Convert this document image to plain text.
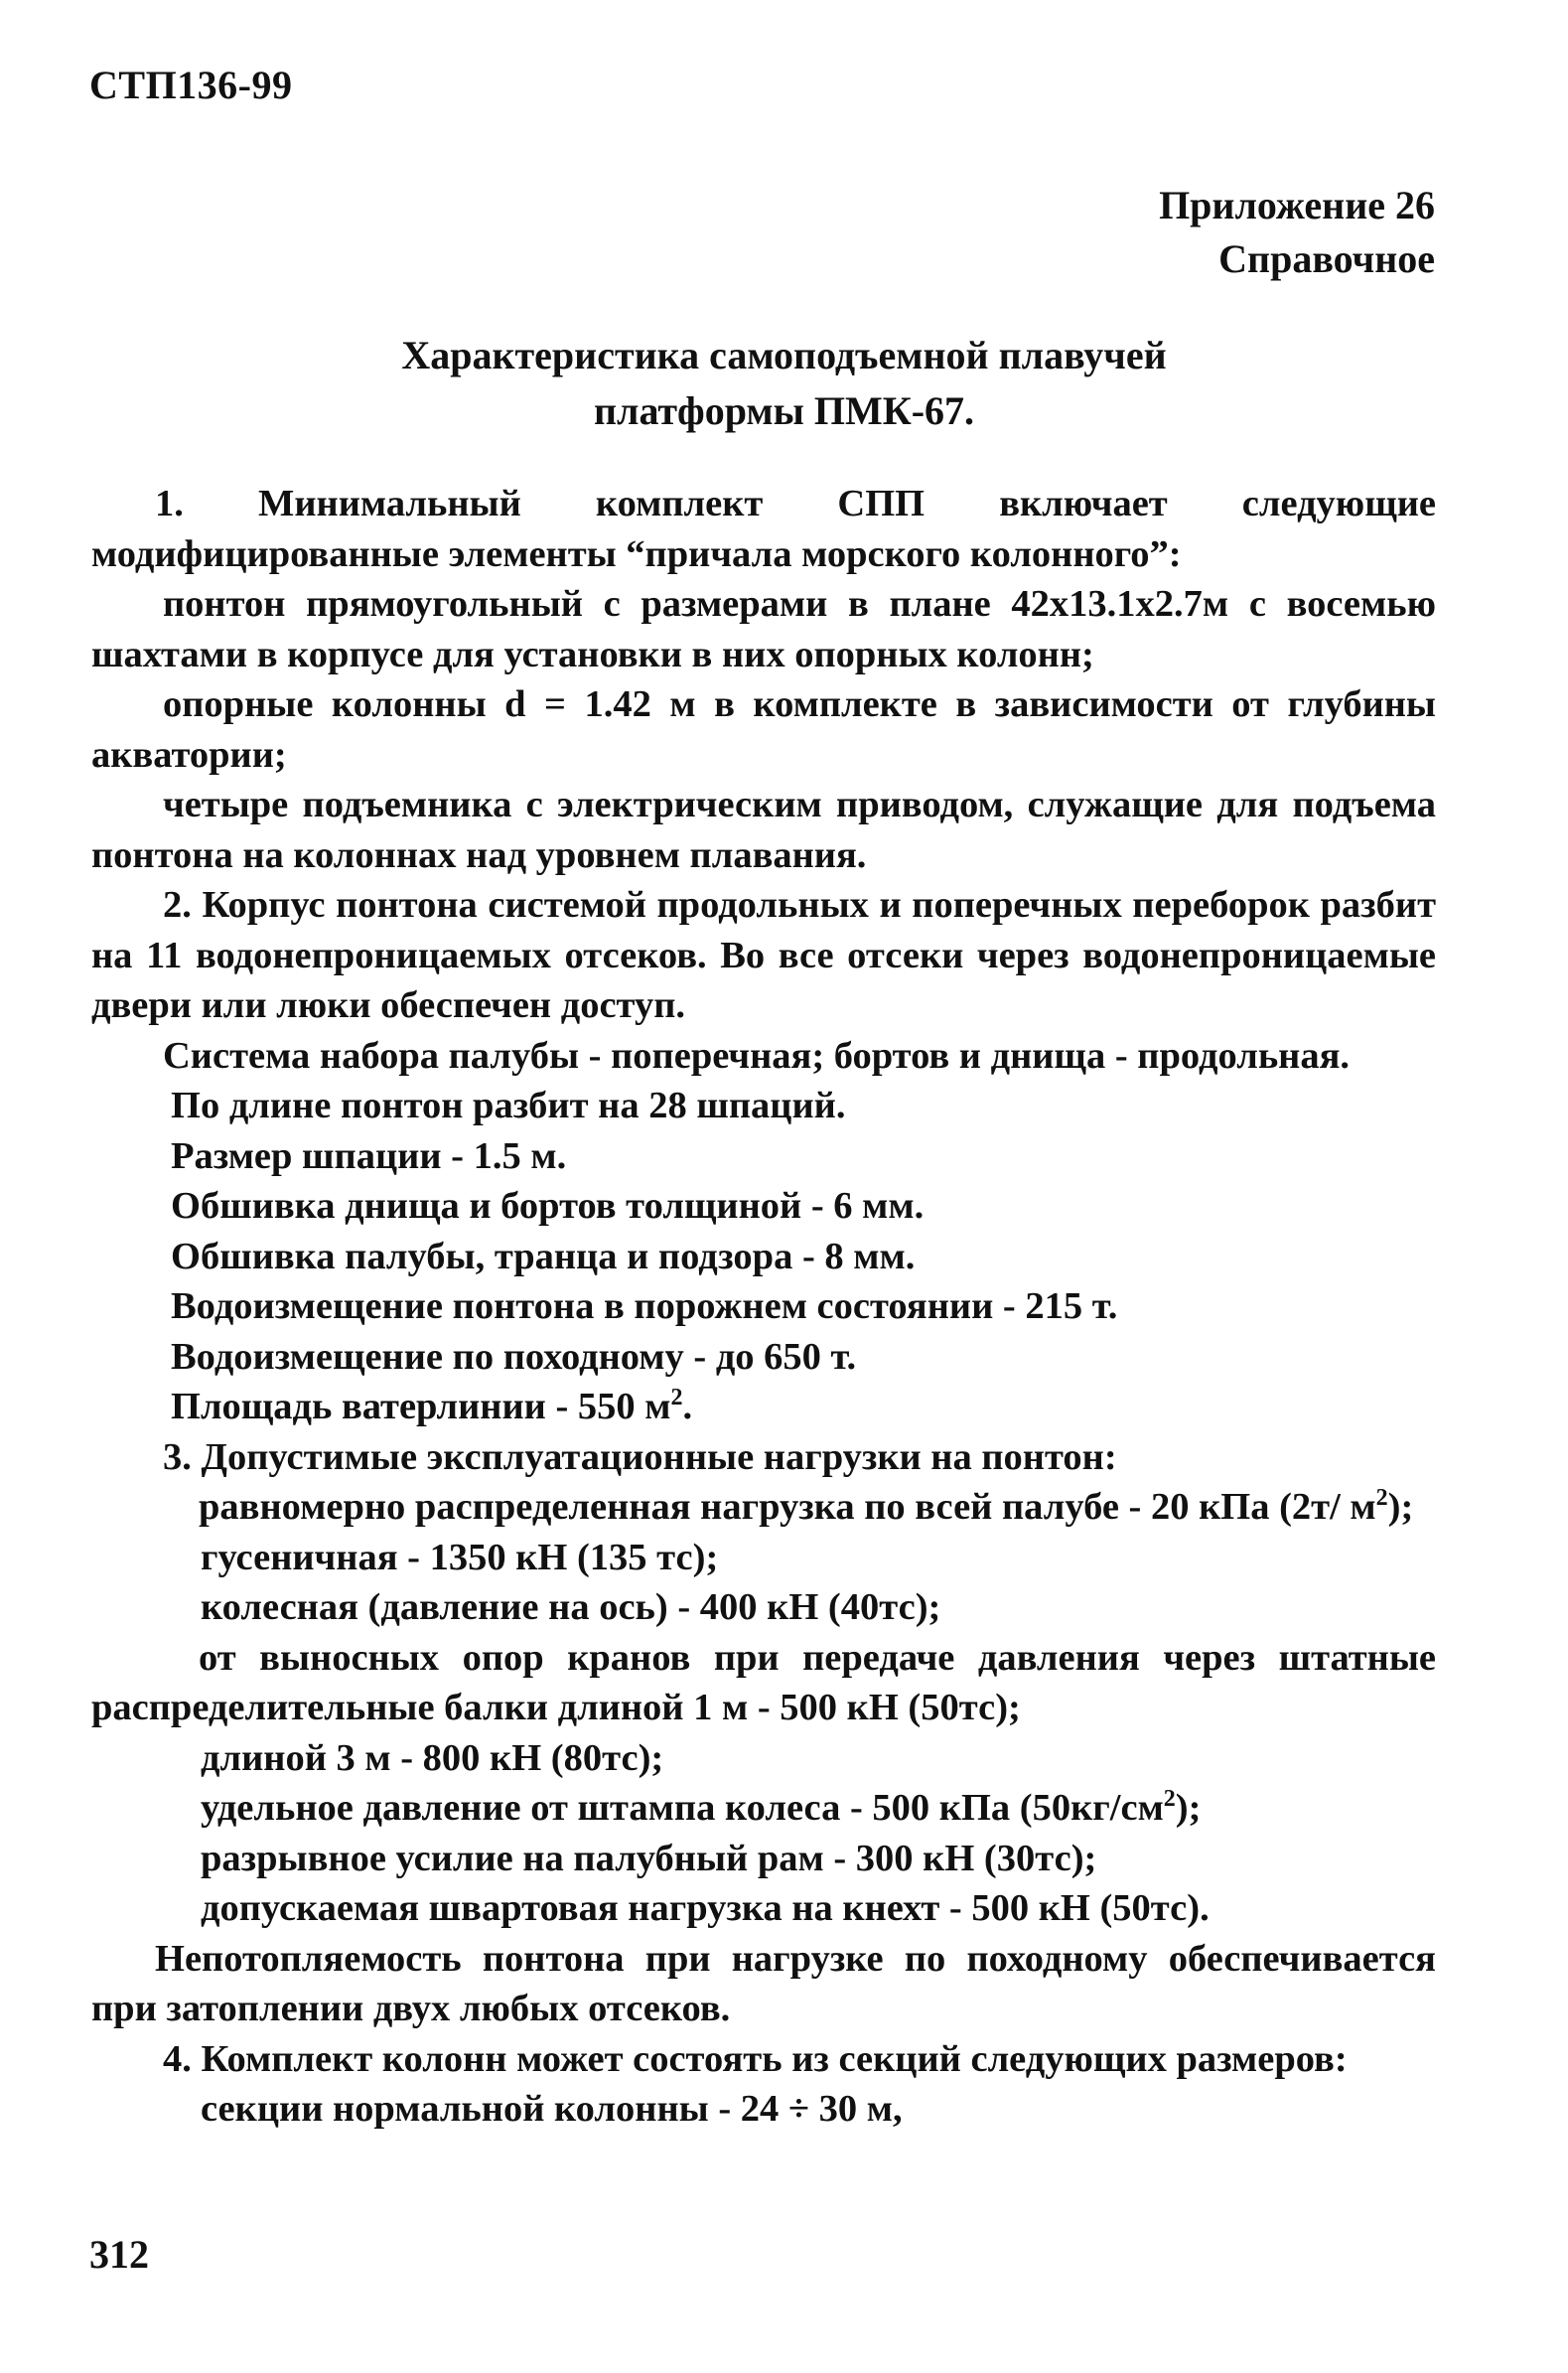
СТП136-99
Приложение 26
Справочное
Характеристика самоподъемной плавучей
платформы ПМК-67.

1. Минимальный комплект СПП включает следующие модифицированные элементы “причала морского колонного”:

понтон прямоугольный с размерами в плане 42x13.1x2.7м с восемью шахтами в корпусе для установки в них опорных колонн;

опорные колонны d = 1.42 м в комплекте в зависимости от глубины акватории;

четыре подъемника с электрическим приводом, служащие для подъема понтона на колоннах над уровнем плавания.

2. Корпус понтона системой продольных и поперечных переборок разбит на 11 водонепроницаемых отсеков. Во все отсеки через водонепроницаемые двери или люки обеспечен доступ.

Система набора палубы - поперечная; бортов и днища - продольная.

По длине понтон разбит на 28 шпаций.

Размер шпации - 1.5 м.

Обшивка днища и бортов толщиной - 6 мм.

Обшивка палубы, транца и подзора - 8 мм.

Водоизмещение понтона в порожнем состоянии - 215 т.

Водоизмещение по походному - до 650 т.

Площадь ватерлинии - 550 $м^2$.

3. Допустимые эксплуатационные нагрузки на понтон:

равномерно распределенная нагрузка по всей палубе - 20 кПа (2т/ $м^2$);

гусеничная - 1350 кН (135 тс);

колесная (давление на ось) - 400 кН (40тс);

от выносных опор кранов при передаче давления через штатные распределительные балки длиной 1 м - 500 кН (50тс);

длиной 3 м - 800 кН (80тс);

удельное давление от штампа колеса - 500 кПа $(50кг/см^2)$;

разрывное усилие на палубный рам - 300 кН (30тс);

допускаемая швартовая нагрузка на кнехт - 500 кН (50тс).

Непотопляемость понтона при нагрузке по походному обеспечивается при затоплении двух любых отсеков.

4. Комплект колонн может состоять из секций следующих размеров:

секции нормальной колонны - 24 ÷ 30 м,

312
